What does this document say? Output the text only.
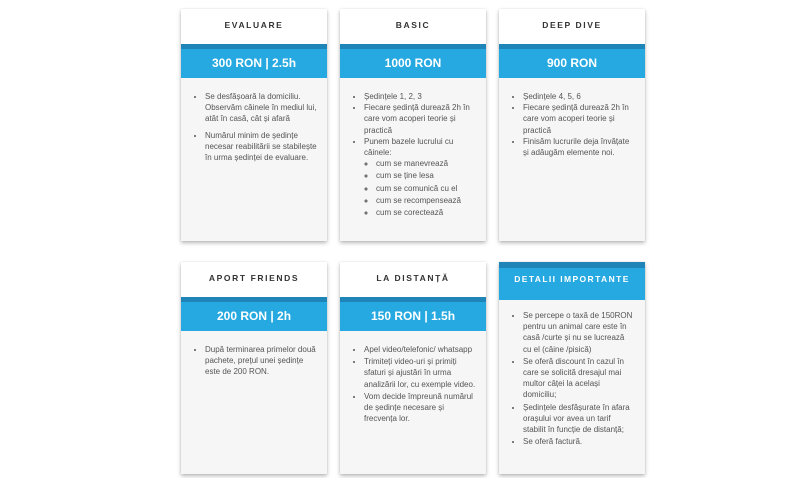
EVALUARE
300 RON | 2.5h
• Se desfășoară la domiciliu. Observăm câinele în mediul lui, atât în casă, cât și afară
• Numărul minim de ședințe necesar reabilitării se stabilește în urma ședinței de evaluare.
BASIC
1000 RON
• Ședințele 1, 2, 3
• Fiecare ședință durează 2h în care vom acoperi teorie și practică
• Punem bazele lucrului cu câinele:
◦ cum se manevrează
◦ cum se ține lesa
◦ cum se comunică cu el
◦ cum se recompensează
◦ cum se corectează
DEEP DIVE
900 RON
• Ședințele 4, 5, 6
• Fiecare ședință durează 2h în care vom acoperi teorie și practică
• Finisăm lucrurile deja învățate și adăugăm elemente noi.
APORT FRIENDS
200 RON | 2h
• După terminarea primelor două pachete, prețul unei ședințe este de 200 RON.
LA DISTANȚĂ
150 RON | 1.5h
• Apel video/telefonic/ whatsapp
• Trimiteți video-uri și primiți sfaturi și ajustări în urma analizării lor, cu exemple video.
• Vom decide împreună numărul de ședințe necesare și frecvența lor.
DETALII IMPORTANTE
• Se percepe o taxă de 150RON pentru un animal care este în casă /curte și nu se lucrează cu el (câine /pisică)
• Se oferă discount în cazul în care se solicită dresajul mai multor câței la același domiciliu;
• Ședințele desfășurate în afara orașului vor avea un tarif stabilit în funcție de distanță;
• Se oferă factură.
